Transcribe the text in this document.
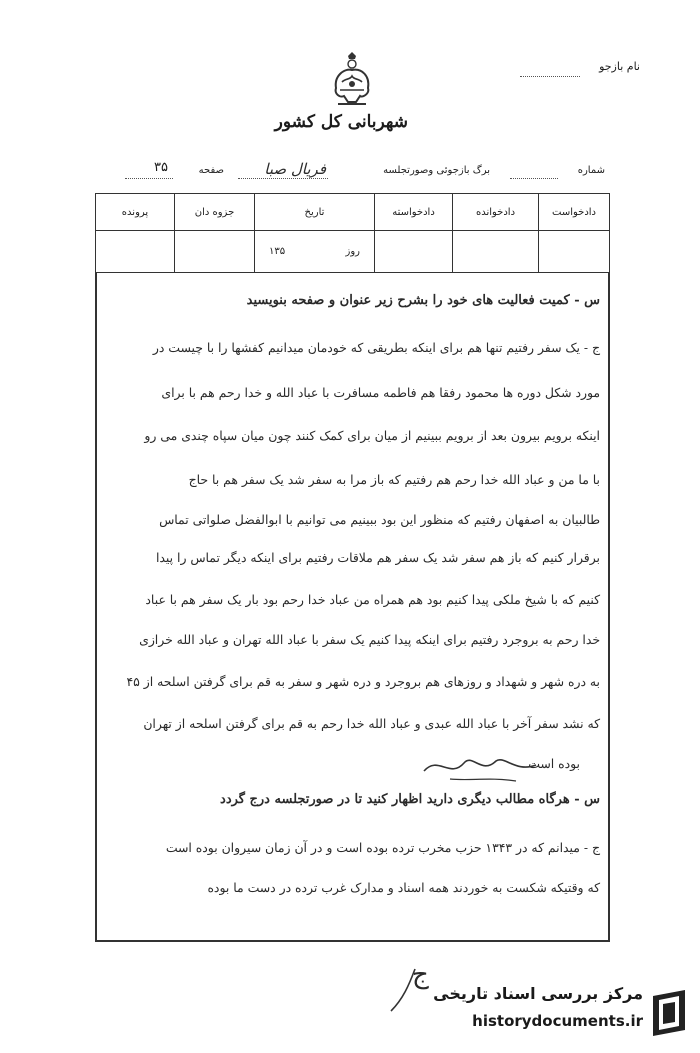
نام بازجو
شهربانی کل کشور
شماره
برگ بازجوئی وصورتجلسه
فریال صبا
صفحه
۳۵
دادخواست
دادخوانده
دادخواسته
تاریخ
جزوه دان
پرونده
روز
۱۳۵
س - کمیت فعالیت های خود را بشرح زیر عنوان و صفحه بنویسید
ج - یک سفر رفتیم تنها هم برای اینکه بطریقی که خودمان میدانیم کفشها را با چیست در
مورد شکل دوره ها محمود رفقا هم فاطمه مسافرت با عباد الله و خدا رحم هم با برای
اینکه برویم بیرون بعد از برویم ببینیم از میان برای کمک کنند چون میان سپاه چندی می رو
با ما من و عباد الله خدا رحم هم رفتیم که باز مرا به سفر شد یک سفر هم با حاج
طالبیان به اصفهان رفتیم که منظور این بود ببینیم می توانیم با ابوالفضل صلواتی تماس
برقرار کنیم که باز هم سفر شد یک سفر هم ملاقات رفتیم برای اینکه دیگر تماس را پیدا
کنیم که با شیخ ملکی پیدا کنیم بود هم همراه من عباد خدا رحم بود بار یک سفر هم با عباد
خدا رحم به بروجرد رفتیم برای اینکه پیدا کنیم یک سفر با عباد الله تهران و عباد الله خرازی
به دره شهر و شهداد و روزهای هم بروجرد و دره شهر و سفر به قم برای گرفتن اسلحه از ۴۵
که نشد سفر آخر با عباد الله عبدی و عباد الله خدا رحم به قم برای گرفتن اسلحه از تهران
بوده است
س - هرگاه مطالب دیگری دارید اظهار کنید تا در صورتجلسه درج گردد
ج - میدانم که در ۱۳۴۳ حزب مخرب ترده بوده است و در آن زمان سیروان بوده است
که وقتیکه شکست به خوردند همه اسناد و مدارک غرب ترده در دست ما بوده
ج
مرکز بررسی اسناد تاریخی
historydocuments.ir
